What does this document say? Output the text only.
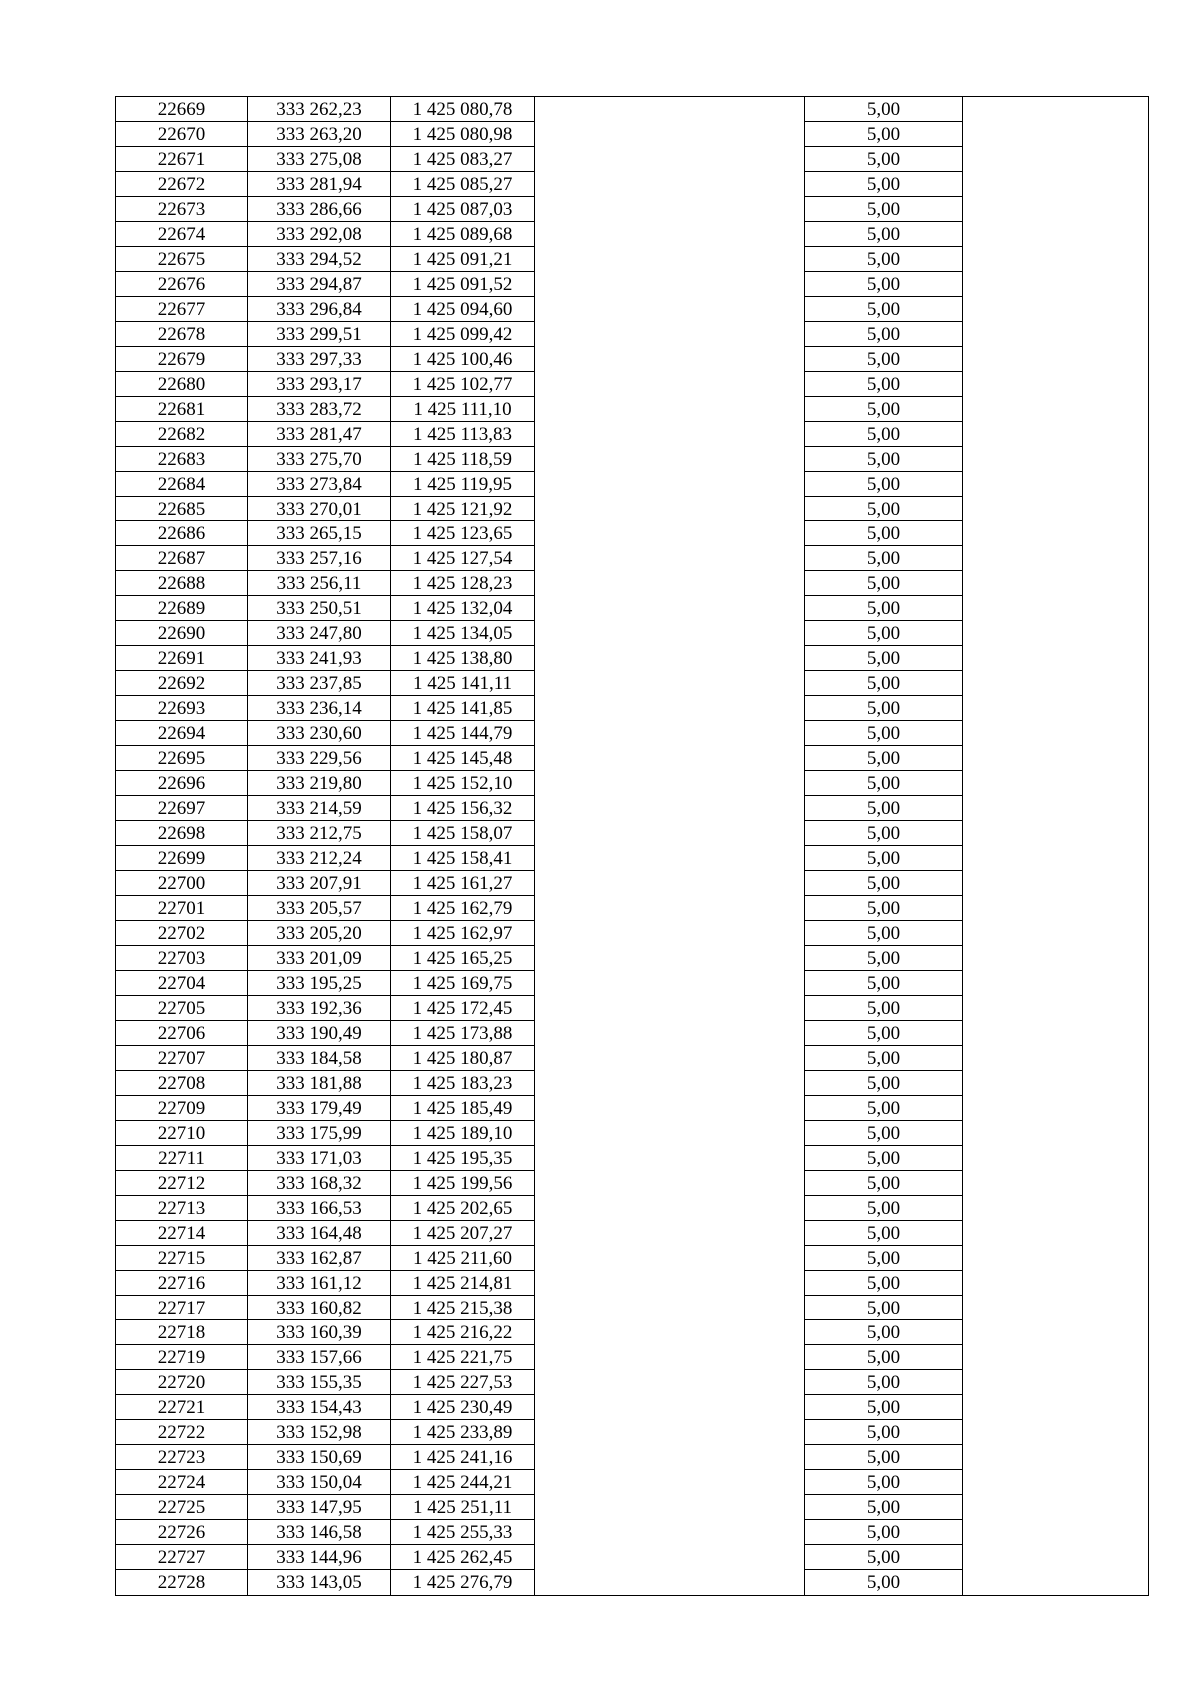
22669	333 262,23	1 425 080,78	5,00
22670	333 263,20	1 425 080,98	5,00
22671	333 275,08	1 425 083,27	5,00
22672	333 281,94	1 425 085,27	5,00
22673	333 286,66	1 425 087,03	5,00
22674	333 292,08	1 425 089,68	5,00
22675	333 294,52	1 425 091,21	5,00
22676	333 294,87	1 425 091,52	5,00
22677	333 296,84	1 425 094,60	5,00
22678	333 299,51	1 425 099,42	5,00
22679	333 297,33	1 425 100,46	5,00
22680	333 293,17	1 425 102,77	5,00
22681	333 283,72	1 425 111,10	5,00
22682	333 281,47	1 425 113,83	5,00
22683	333 275,70	1 425 118,59	5,00
22684	333 273,84	1 425 119,95	5,00
22685	333 270,01	1 425 121,92	5,00
22686	333 265,15	1 425 123,65	5,00
22687	333 257,16	1 425 127,54	5,00
22688	333 256,11	1 425 128,23	5,00
22689	333 250,51	1 425 132,04	5,00
22690	333 247,80	1 425 134,05	5,00
22691	333 241,93	1 425 138,80	5,00
22692	333 237,85	1 425 141,11	5,00
22693	333 236,14	1 425 141,85	5,00
22694	333 230,60	1 425 144,79	5,00
22695	333 229,56	1 425 145,48	5,00
22696	333 219,80	1 425 152,10	5,00
22697	333 214,59	1 425 156,32	5,00
22698	333 212,75	1 425 158,07	5,00
22699	333 212,24	1 425 158,41	5,00
22700	333 207,91	1 425 161,27	5,00
22701	333 205,57	1 425 162,79	5,00
22702	333 205,20	1 425 162,97	5,00
22703	333 201,09	1 425 165,25	5,00
22704	333 195,25	1 425 169,75	5,00
22705	333 192,36	1 425 172,45	5,00
22706	333 190,49	1 425 173,88	5,00
22707	333 184,58	1 425 180,87	5,00
22708	333 181,88	1 425 183,23	5,00
22709	333 179,49	1 425 185,49	5,00
22710	333 175,99	1 425 189,10	5,00
22711	333 171,03	1 425 195,35	5,00
22712	333 168,32	1 425 199,56	5,00
22713	333 166,53	1 425 202,65	5,00
22714	333 164,48	1 425 207,27	5,00
22715	333 162,87	1 425 211,60	5,00
22716	333 161,12	1 425 214,81	5,00
22717	333 160,82	1 425 215,38	5,00
22718	333 160,39	1 425 216,22	5,00
22719	333 157,66	1 425 221,75	5,00
22720	333 155,35	1 425 227,53	5,00
22721	333 154,43	1 425 230,49	5,00
22722	333 152,98	1 425 233,89	5,00
22723	333 150,69	1 425 241,16	5,00
22724	333 150,04	1 425 244,21	5,00
22725	333 147,95	1 425 251,11	5,00
22726	333 146,58	1 425 255,33	5,00
22727	333 144,96	1 425 262,45	5,00
22728	333 143,05	1 425 276,79	5,00
